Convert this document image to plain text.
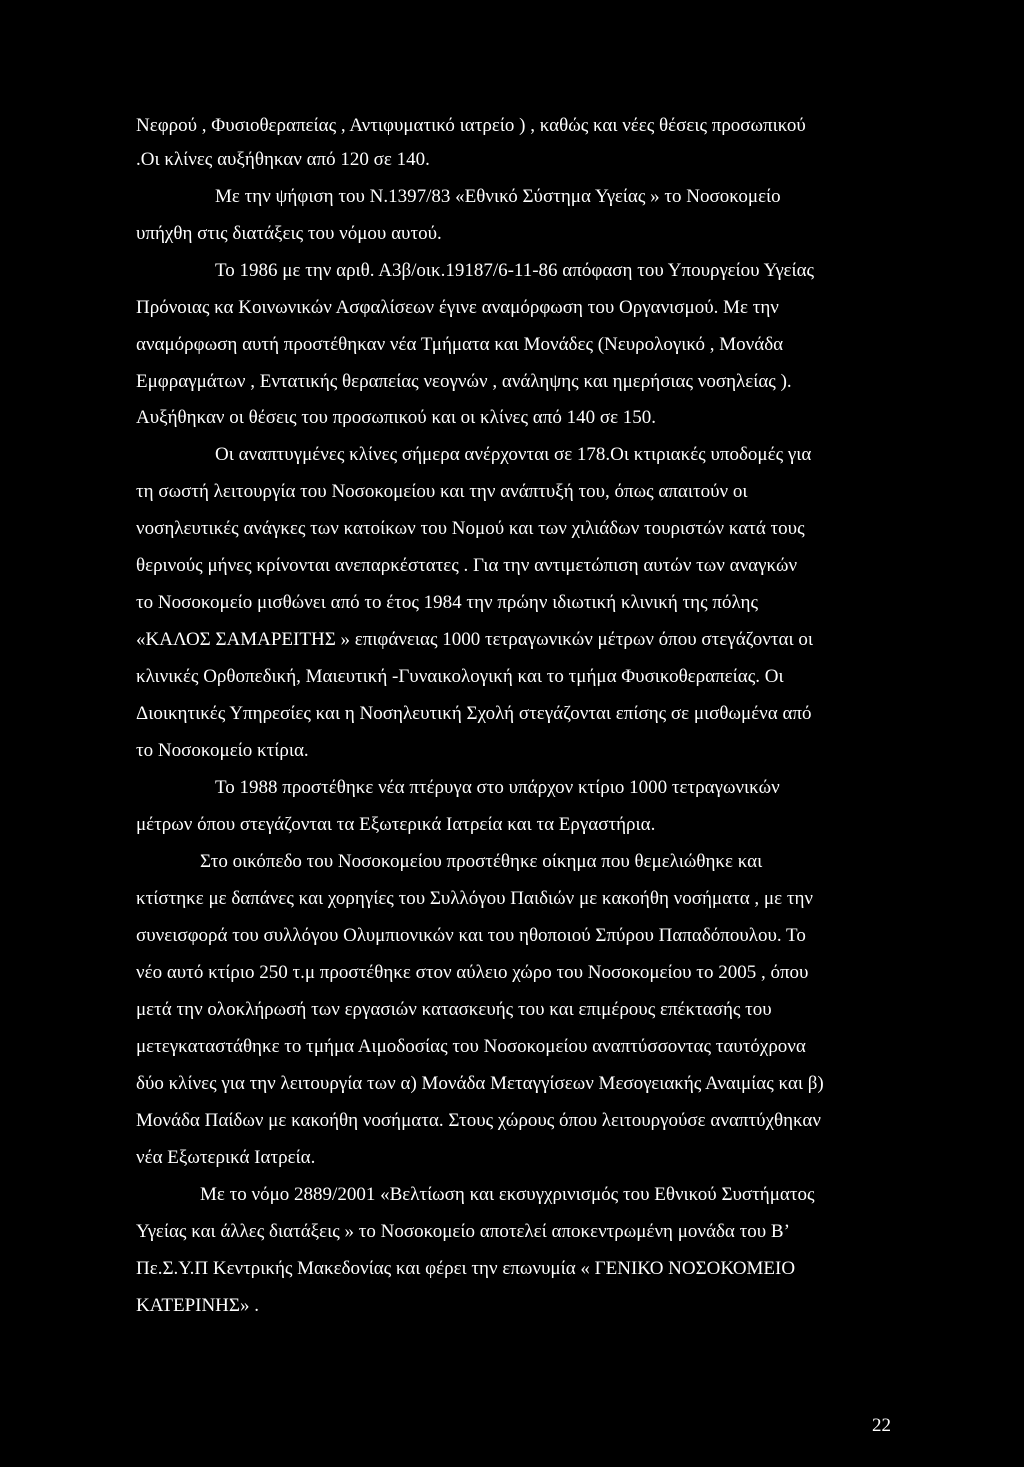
Νεφρού , Φυσιοθεραπείας , Αντιφυματικό ιατρείο ) , καθώς και νέες θέσεις προσωπικού
.Οι κλίνες αυξήθηκαν από 120 σε 140.
Με την ψήφιση του Ν.1397/83 «Εθνικό Σύστημα Υγείας » το Νοσοκομείο
υπήχθη στις διατάξεις του νόμου αυτού.
Το 1986 με την αριθ. Α3β/οικ.19187/6-11-86 απόφαση του Υπουργείου Υγείας
Πρόνοιας κα Κοινωνικών Ασφαλίσεων έγινε αναμόρφωση του Οργανισμού. Με την
αναμόρφωση αυτή προστέθηκαν νέα Τμήματα και Μονάδες (Νευρολογικό , Μονάδα
Εμφραγμάτων , Εντατικής θεραπείας νεογνών , ανάληψης και ημερήσιας νοσηλείας ).
Αυξήθηκαν οι θέσεις του προσωπικού και οι κλίνες από 140 σε 150.
Οι αναπτυγμένες κλίνες σήμερα ανέρχονται σε 178.Οι κτιριακές υποδομές για
τη σωστή λειτουργία του Νοσοκομείου και την ανάπτυξή του, όπως απαιτούν οι
νοσηλευτικές ανάγκες των κατοίκων του Νομού και των χιλιάδων τουριστών κατά τους
θερινούς μήνες κρίνονται ανεπαρκέστατες . Για την αντιμετώπιση αυτών των αναγκών
το Νοσοκομείο μισθώνει από το έτος 1984 την πρώην ιδιωτική κλινική της πόλης
«ΚΑΛΟΣ ΣΑΜΑΡΕΙΤΗΣ » επιφάνειας 1000 τετραγωνικών μέτρων όπου στεγάζονται οι
κλινικές Ορθοπεδική, Μαιευτική -Γυναικολογική και το τμήμα Φυσικοθεραπείας. Οι
Διοικητικές Υπηρεσίες και η Νοσηλευτική Σχολή στεγάζονται επίσης σε μισθωμένα από
το Νοσοκομείο κτίρια.
Το 1988 προστέθηκε νέα πτέρυγα στο υπάρχον κτίριο 1000 τετραγωνικών
μέτρων όπου στεγάζονται τα Εξωτερικά Ιατρεία και τα Εργαστήρια.
Στο οικόπεδο του Νοσοκομείου προστέθηκε οίκημα που θεμελιώθηκε και
κτίστηκε με δαπάνες και χορηγίες του Συλλόγου Παιδιών με κακοήθη νοσήματα , με την
συνεισφορά του συλλόγου Ολυμπιονικών και του ηθοποιού Σπύρου Παπαδόπουλου. Το
νέο αυτό κτίριο 250 τ.μ προστέθηκε στον αύλειο χώρο του Νοσοκομείου το 2005 , όπου
μετά την ολοκλήρωσή των εργασιών κατασκευής του και επιμέρους επέκτασής του
μετεγκαταστάθηκε το τμήμα Αιμοδοσίας του Νοσοκομείου αναπτύσσοντας ταυτόχρονα
δύο κλίνες για την λειτουργία των α) Μονάδα Μεταγγίσεων Μεσογειακής Αναιμίας και β)
Μονάδα Παίδων με κακοήθη νοσήματα. Στους χώρους όπου λειτουργούσε αναπτύχθηκαν
νέα Εξωτερικά Ιατρεία.
Με το νόμο 2889/2001 «Βελτίωση και εκσυγχρινισμός του Εθνικού Συστήματος
Υγείας και άλλες διατάξεις » το Νοσοκομείο αποτελεί αποκεντρωμένη μονάδα του Β’
Πε.Σ.Υ.Π Κεντρικής Μακεδονίας και φέρει την επωνυμία « ΓΕΝΙΚΟ ΝΟΣΟΚΟΜΕΙΟ
ΚΑΤΕΡΙΝΗΣ» .
22
